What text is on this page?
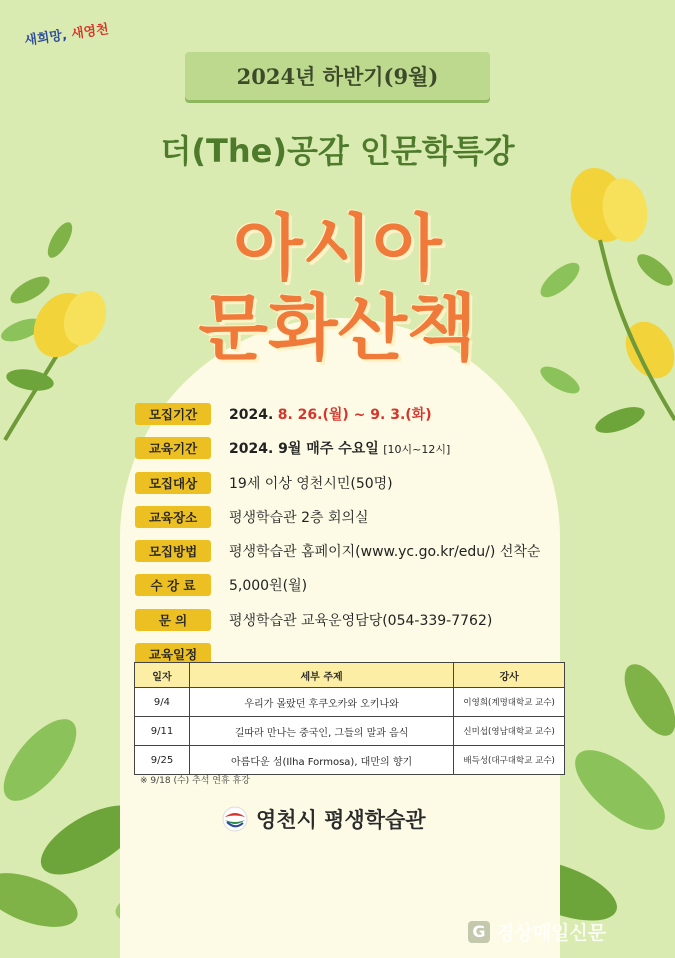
새희망, 새영천
2024년 하반기(9월)
더(The)공감 인문학특강
아시아
문화산책
모집기간	2024. 8. 26.(월) ~ 9. 3.(화)
교육기간	2024. 9월 매주 수요일 [10시~12시]
모집대상	19세 이상 영천시민(50명)
교육장소	평생학습관 2층 회의실
모집방법	평생학습관 홈페이지(www.yc.go.kr/edu/) 선착순
수 강 료	5,000원(월)
문 의	평생학습관 교육운영담당(054-339-7762)
교육일정
일자	세부 주제	강사
9/4	우리가 몰랐던 후쿠오카와 오키나와	이영희(계명대학교 교수)
9/11	길따라 만나는 중국인, 그들의 말과 음식	신미섭(영남대학교 교수)
9/25	아름다운 섬(Ilha Formosa), 대만의 향기	배득성(대구대학교 교수)
※ 9/18 (수) 추석 연휴 휴강
영천시 평생학습관
G 경상매일신문
